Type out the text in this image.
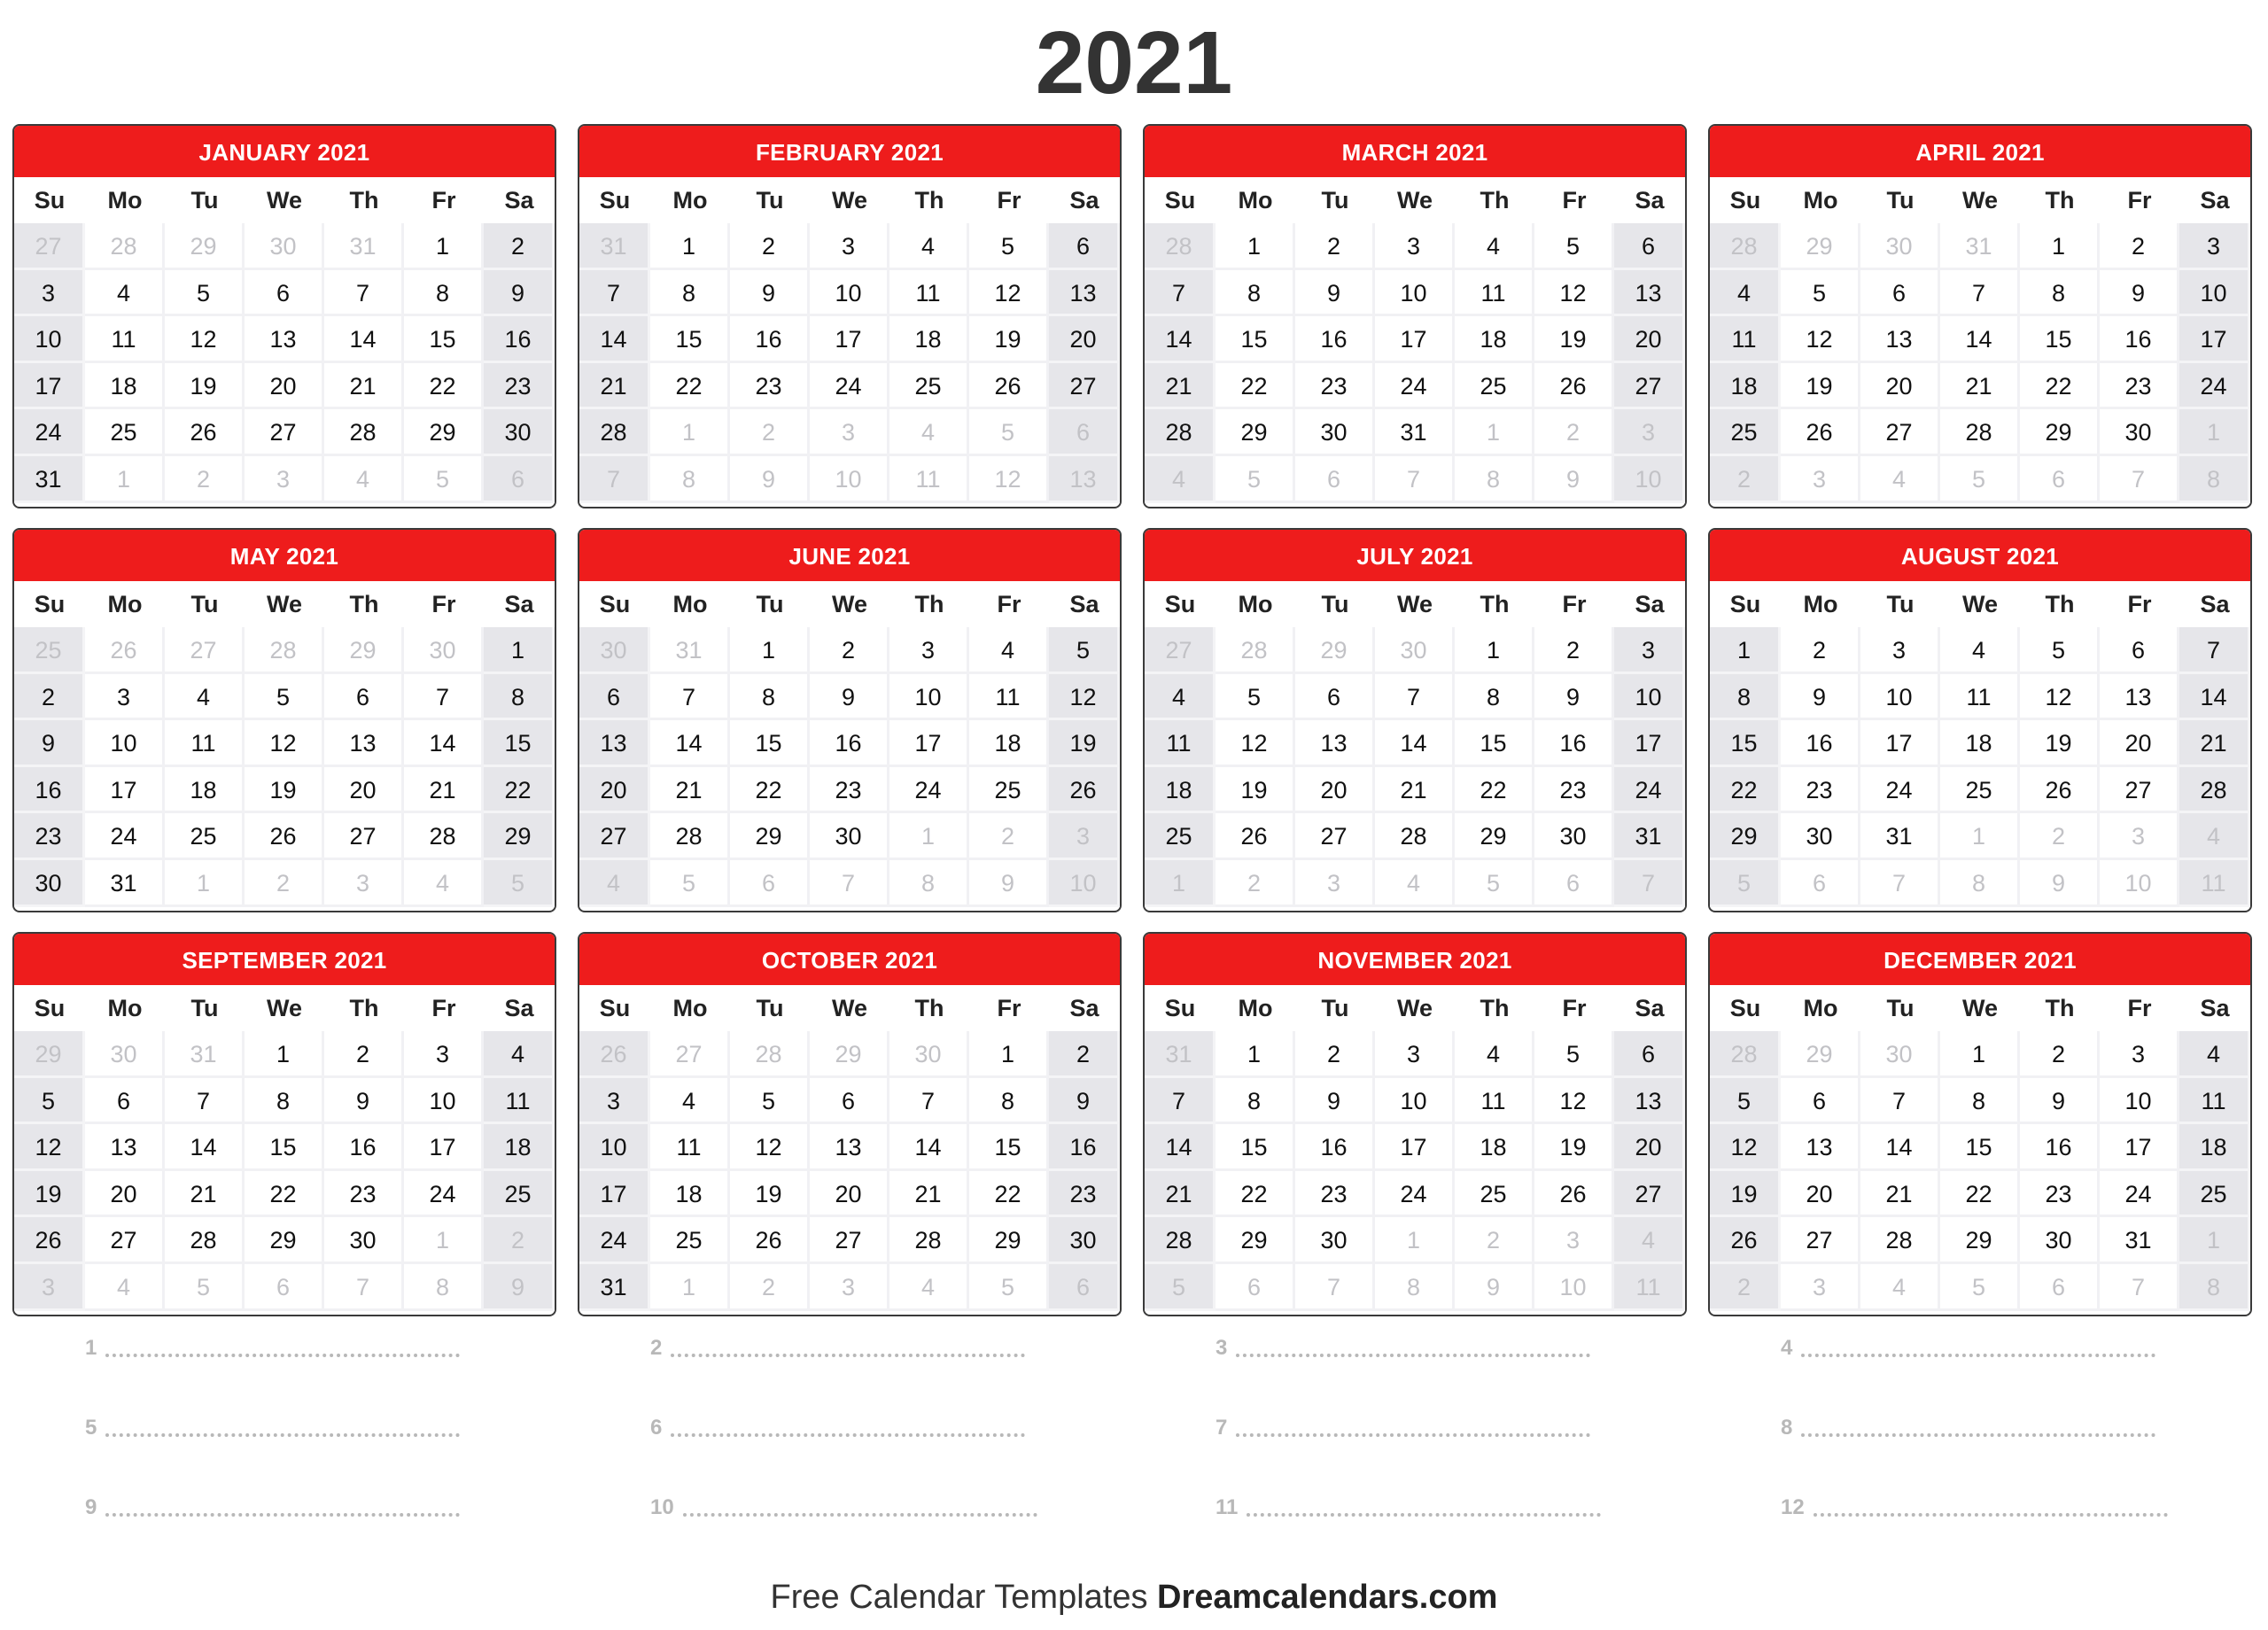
2021
JANUARY 2021
Su	Mo	Tu	We	Th	Fr	Sa
27	28	29	30	31	1	2
3	4	5	6	7	8	9
10	11	12	13	14	15	16
17	18	19	20	21	22	23
24	25	26	27	28	29	30
31	1	2	3	4	5	6
FEBRUARY 2021
Su	Mo	Tu	We	Th	Fr	Sa
31	1	2	3	4	5	6
7	8	9	10	11	12	13
14	15	16	17	18	19	20
21	22	23	24	25	26	27
28	1	2	3	4	5	6
7	8	9	10	11	12	13
MARCH 2021
Su	Mo	Tu	We	Th	Fr	Sa
28	1	2	3	4	5	6
7	8	9	10	11	12	13
14	15	16	17	18	19	20
21	22	23	24	25	26	27
28	29	30	31	1	2	3
4	5	6	7	8	9	10
APRIL 2021
Su	Mo	Tu	We	Th	Fr	Sa
28	29	30	31	1	2	3
4	5	6	7	8	9	10
11	12	13	14	15	16	17
18	19	20	21	22	23	24
25	26	27	28	29	30	1
2	3	4	5	6	7	8
MAY 2021
Su	Mo	Tu	We	Th	Fr	Sa
25	26	27	28	29	30	1
2	3	4	5	6	7	8
9	10	11	12	13	14	15
16	17	18	19	20	21	22
23	24	25	26	27	28	29
30	31	1	2	3	4	5
JUNE 2021
Su	Mo	Tu	We	Th	Fr	Sa
30	31	1	2	3	4	5
6	7	8	9	10	11	12
13	14	15	16	17	18	19
20	21	22	23	24	25	26
27	28	29	30	1	2	3
4	5	6	7	8	9	10
JULY 2021
Su	Mo	Tu	We	Th	Fr	Sa
27	28	29	30	1	2	3
4	5	6	7	8	9	10
11	12	13	14	15	16	17
18	19	20	21	22	23	24
25	26	27	28	29	30	31
1	2	3	4	5	6	7
AUGUST 2021
Su	Mo	Tu	We	Th	Fr	Sa
1	2	3	4	5	6	7
8	9	10	11	12	13	14
15	16	17	18	19	20	21
22	23	24	25	26	27	28
29	30	31	1	2	3	4
5	6	7	8	9	10	11
SEPTEMBER 2021
Su	Mo	Tu	We	Th	Fr	Sa
29	30	31	1	2	3	4
5	6	7	8	9	10	11
12	13	14	15	16	17	18
19	20	21	22	23	24	25
26	27	28	29	30	1	2
3	4	5	6	7	8	9
OCTOBER 2021
Su	Mo	Tu	We	Th	Fr	Sa
26	27	28	29	30	1	2
3	4	5	6	7	8	9
10	11	12	13	14	15	16
17	18	19	20	21	22	23
24	25	26	27	28	29	30
31	1	2	3	4	5	6
NOVEMBER 2021
Su	Mo	Tu	We	Th	Fr	Sa
31	1	2	3	4	5	6
7	8	9	10	11	12	13
14	15	16	17	18	19	20
21	22	23	24	25	26	27
28	29	30	1	2	3	4
5	6	7	8	9	10	11
DECEMBER 2021
Su	Mo	Tu	We	Th	Fr	Sa
28	29	30	1	2	3	4
5	6	7	8	9	10	11
12	13	14	15	16	17	18
19	20	21	22	23	24	25
26	27	28	29	30	31	1
2	3	4	5	6	7	8
1	2	3	4
5	6	7	8
9	10	11	12
Free Calendar Templates Dreamcalendars.com
